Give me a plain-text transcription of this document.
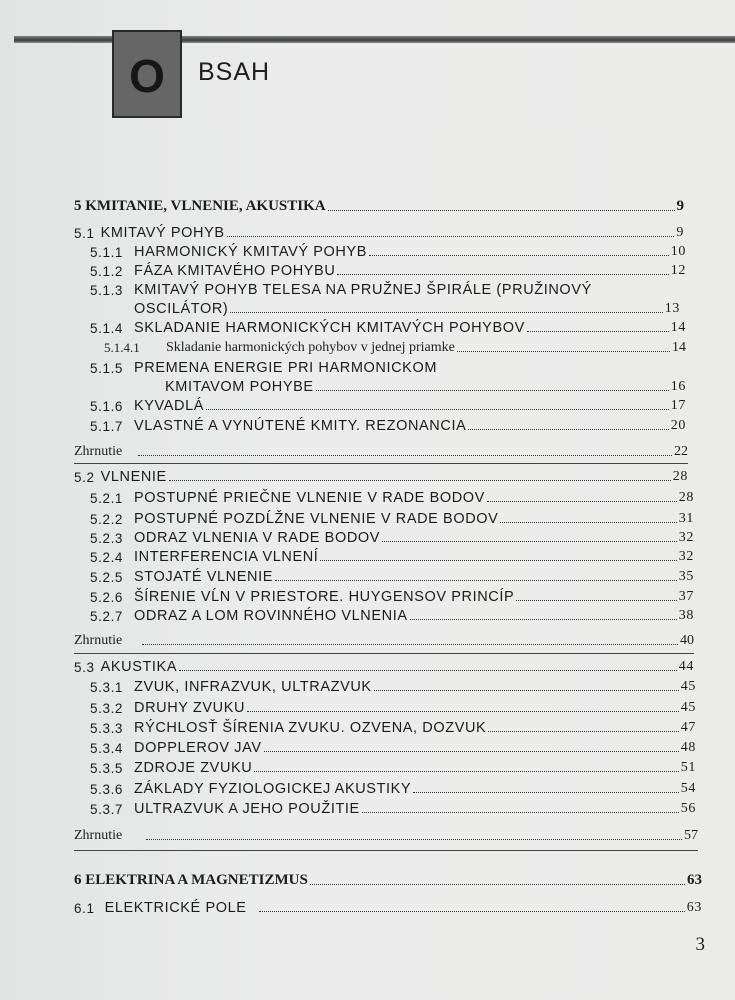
O BSAH
5 KMITANIE, VLNENIE, AKUSTIKA	9
5.1 KMITAVÝ POHYB	9
5.1.1 HARMONICKÝ KMITAVÝ POHYB	10
5.1.2 FÁZA KMITAVÉHO POHYBU	12
5.1.3 KMITAVÝ POHYB TELESA NA PRUŽNEJ ŠPIRÁLE (PRUŽINOVÝ
OSCILÁTOR)	13
5.1.4 SKLADANIE HARMONICKÝCH KMITAVÝCH POHYBOV	14
5.1.4.1	Skladanie harmonických pohybov v jednej priamke	14
5.1.5 PREMENA ENERGIE PRI HARMONICKOM
KMITAVOM POHYBE	16
5.1.6 KYVADLÁ	17
5.1.7 VLASTNÉ A VYNÚTENÉ KMITY. REZONANCIA	20
Zhrnutie	22
5.2 VLNENIE	28
5.2.1 POSTUPNÉ PRIEČNE VLNENIE V RADE BODOV	28
5.2.2 POSTUPNÉ POZDĹŽNE VLNENIE V RADE BODOV	31
5.2.3 ODRAZ VLNENIA V RADE BODOV	32
5.2.4 INTERFERENCIA VLNENÍ	32
5.2.5 STOJATÉ VLNENIE	35
5.2.6 ŠÍRENIE VĹN V PRIESTORE. HUYGENSOV PRINCÍP	37
5.2.7 ODRAZ A LOM ROVINNÉHO VLNENIA	38
Zhrnutie	40
5.3 AKUSTIKA	44
5.3.1 ZVUK, INFRAZVUK, ULTRAZVUK	45
5.3.2 DRUHY ZVUKU	45
5.3.3 RÝCHLOSŤ ŠÍRENIA ZVUKU. OZVENA, DOZVUK	47
5.3.4 DOPPLEROV JAV	48
5.3.5 ZDROJE ZVUKU	51
5.3.6 ZÁKLADY FYZIOLOGICKEJ AKUSTIKY	54
5.3.7 ULTRAZVUK A JEHO POUŽITIE	56
Zhrnutie	57
6 ELEKTRINA A MAGNETIZMUS	63
6.1 ELEKTRICKÉ POLE	63
3
